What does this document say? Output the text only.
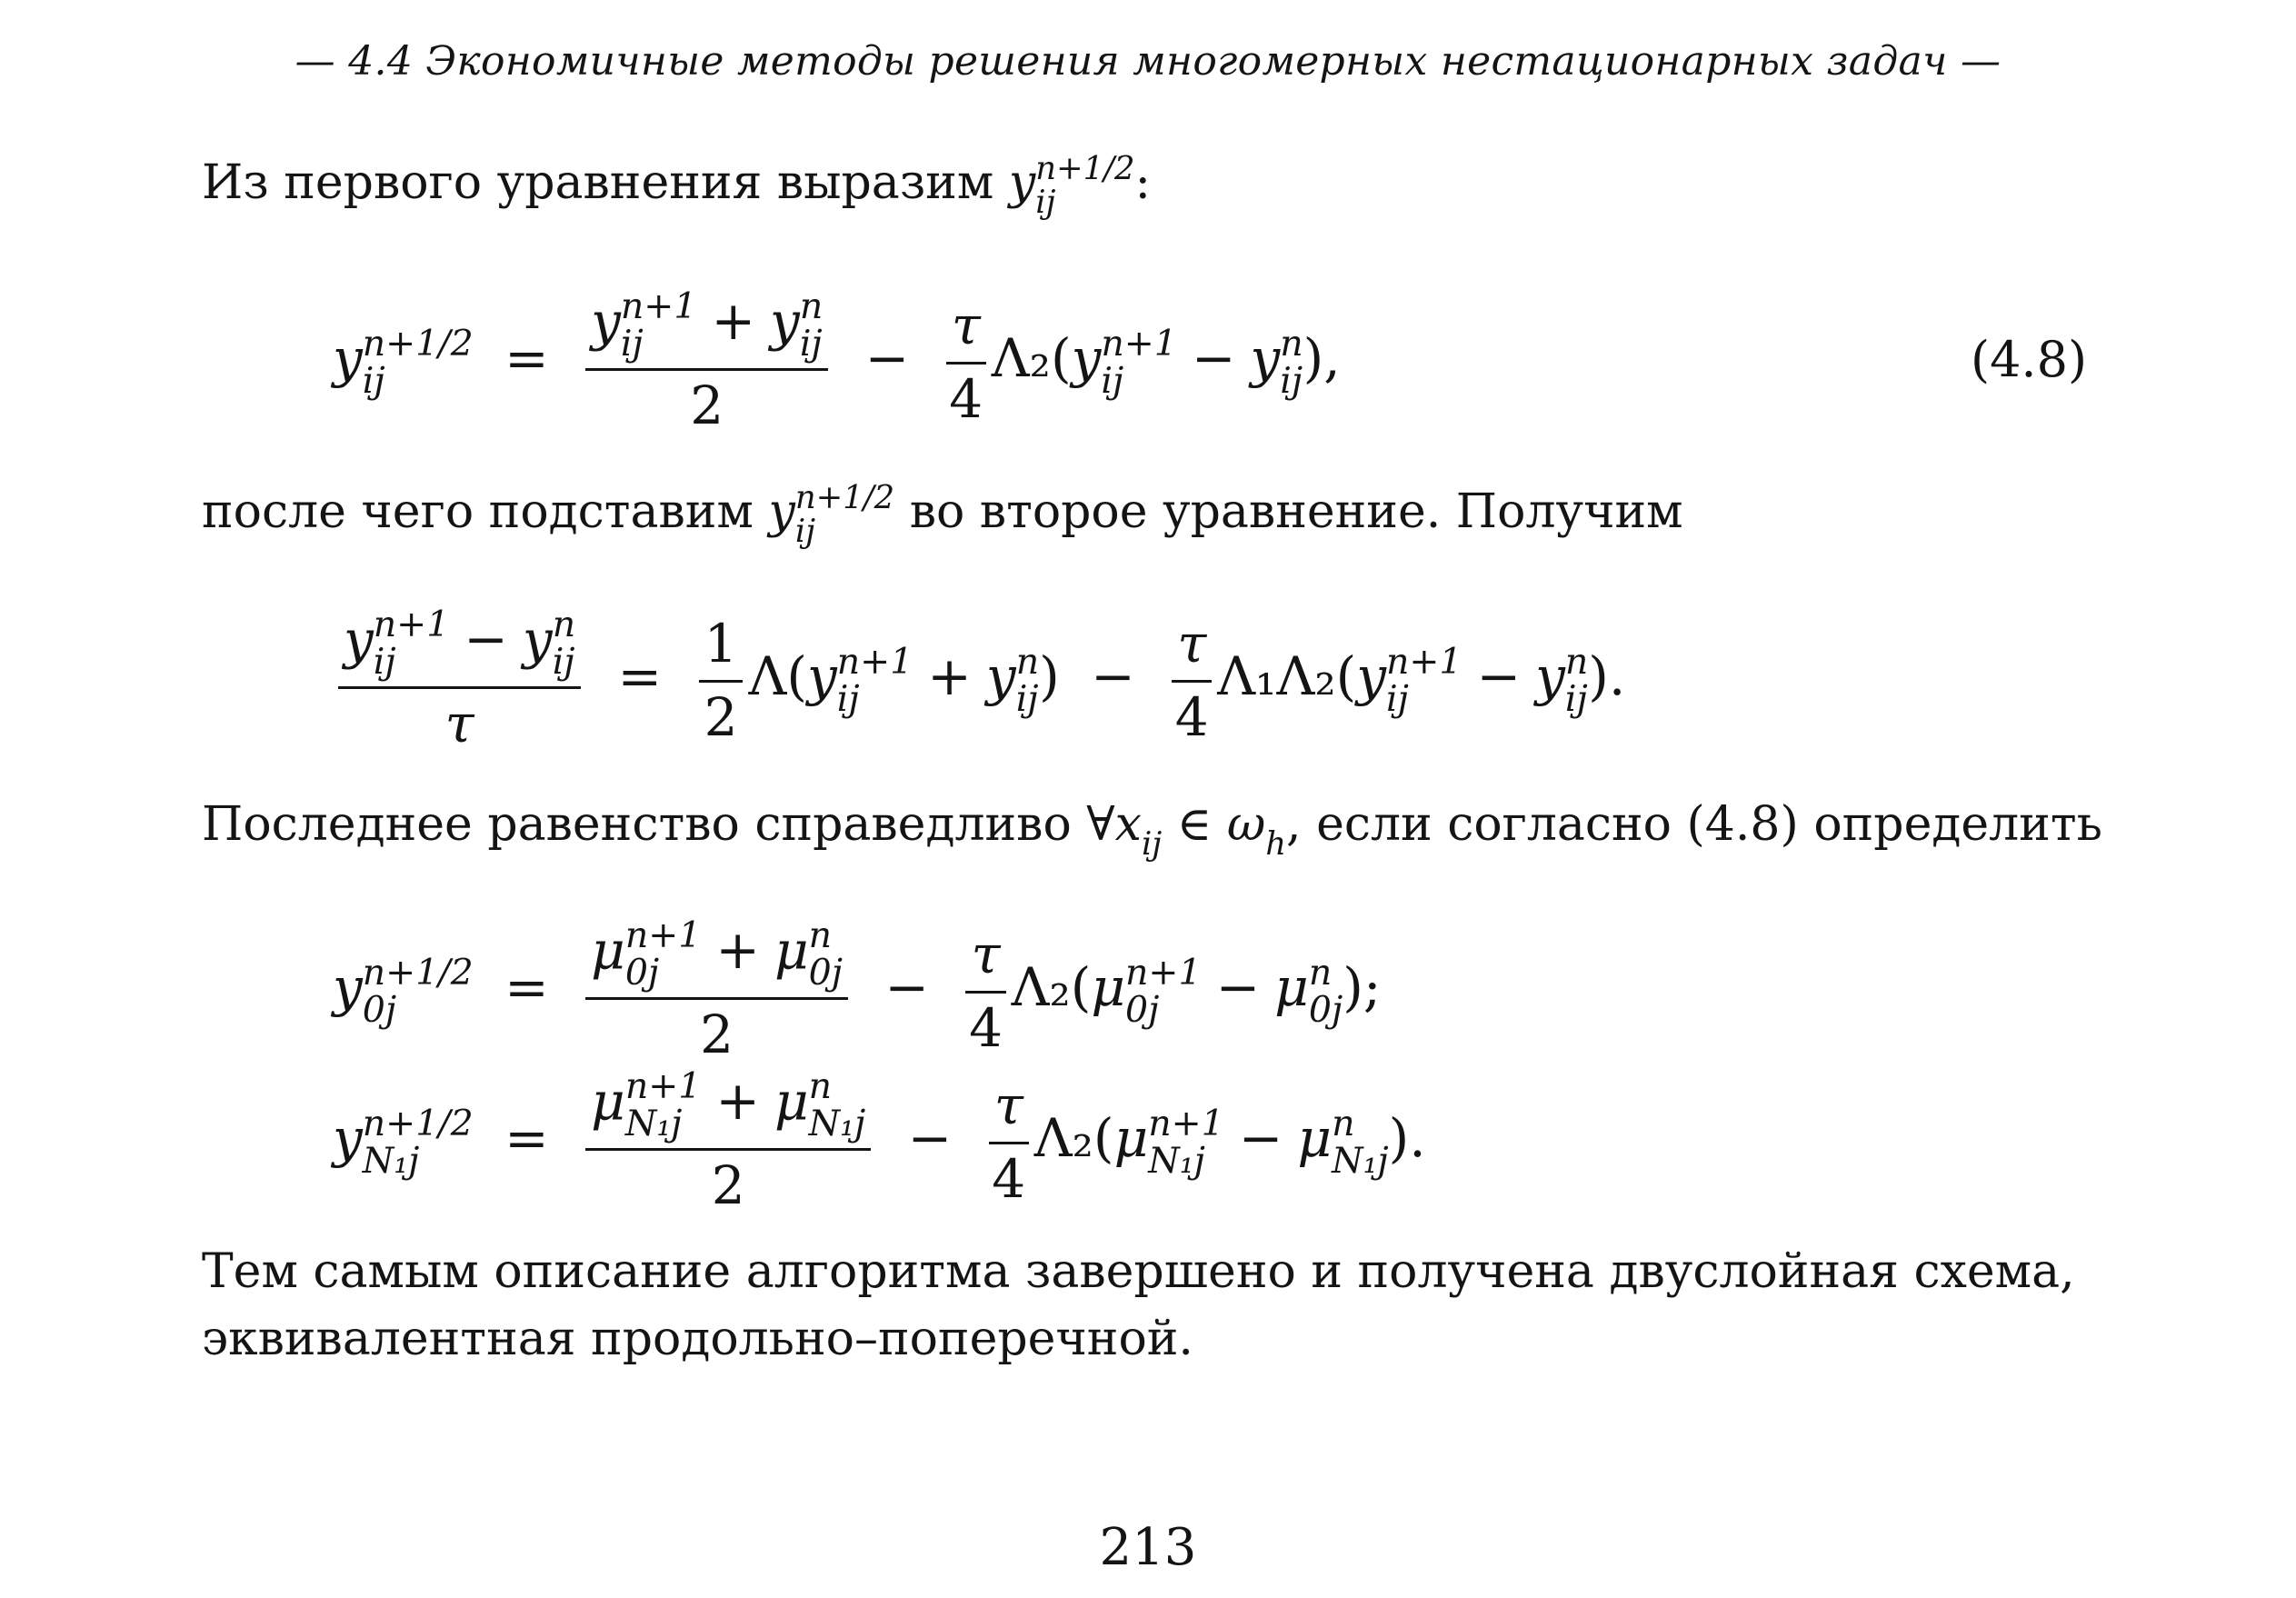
— 4.4 Экономичные методы решения многомерных нестационарных задач —
Из первого уравнения выразим y n+1/2
ij	:
y n+1/2
ij	= y n+1
ij	+ y n
ij
$2 - \frac{\tau}{4} \Lambda_2(y$ n+1
ij	− y n
ij ),	(4.8)
после чего подставим y n+1/2
ij	во второе уравнение. Получим
y n+1
ij	− y n
ij
$\tau = \frac{1}{2} \Lambda(y$ n+1
ij	+ y n
ij ) − $\frac{\tau}{4} \Lambda_1\Lambda_2(y$ n+1
ij	− y n
ij ).
Последнее равенство справедливо ∀x
ij ∈ ω
h , если согласно (4.8) определить
y n+1/2
0j	= μ n+1
0j	+ μ n
0j
$2 - \frac{\tau}{4} \Lambda_2(\mu$ n+1
0j	− μ n
0j );
y n+1/2
N₁j	= μ n+1
N₁j + μ n
N₁j
$2 - \frac{\tau}{4} \Lambda_2(\mu$ n+1
N₁j − μ n
N₁j ).
Тем самым описание алгоритма завершено и получена двуслойная схема,
эквивалентная продольно–поперечной.
213
